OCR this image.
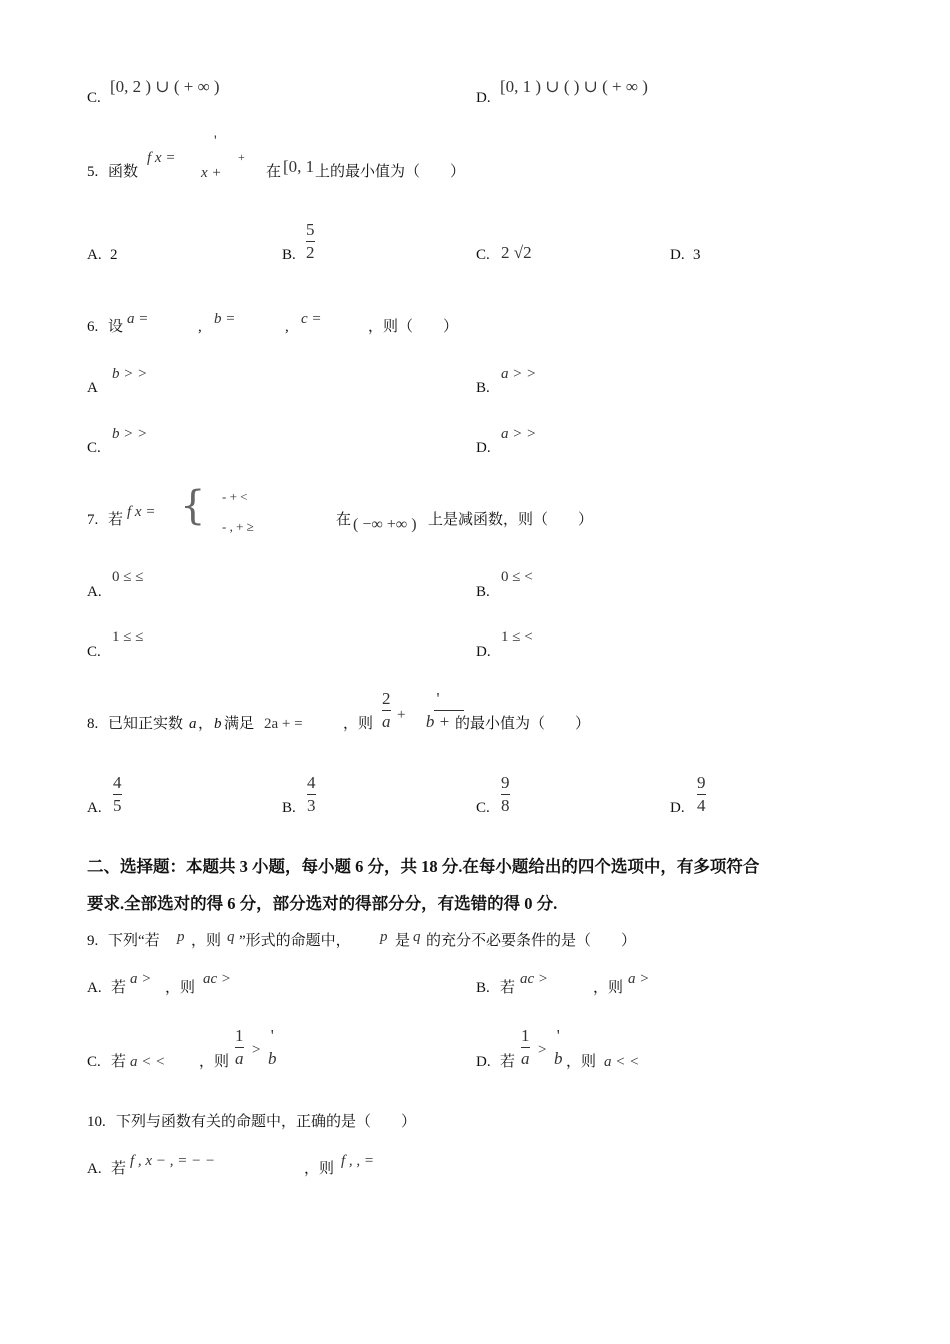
C.
[0, 2 ) ∪ ( + ∞ )
D.
[0, 1 ) ∪ ( ) ∪ ( + ∞ )
5. 函数
f x =
'
x +
+
在 [0, 1 上的最小值为（　　）
A. 2	B.
5
2	C. 2 √2	D. 3
6. 设 a =	, b =	, c =	，则（　　）
A
b > >
B.
a > >
C.
b > >
D.
a > >
7. 若 f x = { - + <
- , + ≥	在 ( −∞ +∞ ) 上是减函数，则（　　）
A.
0 ≤ ≤
B.
0 ≤ <
C.
1 ≤ ≤
D.
1 ≤ <
8. 已知正实数 a ， b 满足 2a + =	，则
2
a +
'
b + 的最小值为（　　）
A.
4
5	B.
4
3	C.
9
8	D.
9
4
二、选择题：本题共 3 小题，每小题 6 分，共 18 分.在每小题给出的四个选项中，有多项符合
要求.全部选对的得 6 分，部分选对的得部分分，有选错的得 0 分.
9. 下列“若 p ，则 q ”形式的命题中， p 是 q 的充分不必要条件的是（　　）
A. 若
a >
，则
ac >
B. 若
ac >
，则
a >
C. 若 a < < ，则
1
a >
'
b	D. 若
1
a >
'
b ，则 a < <
10. 下列与函数有关的命题中，正确的是（　　）
A. 若 f , x − , = − −	，则 f , , =
